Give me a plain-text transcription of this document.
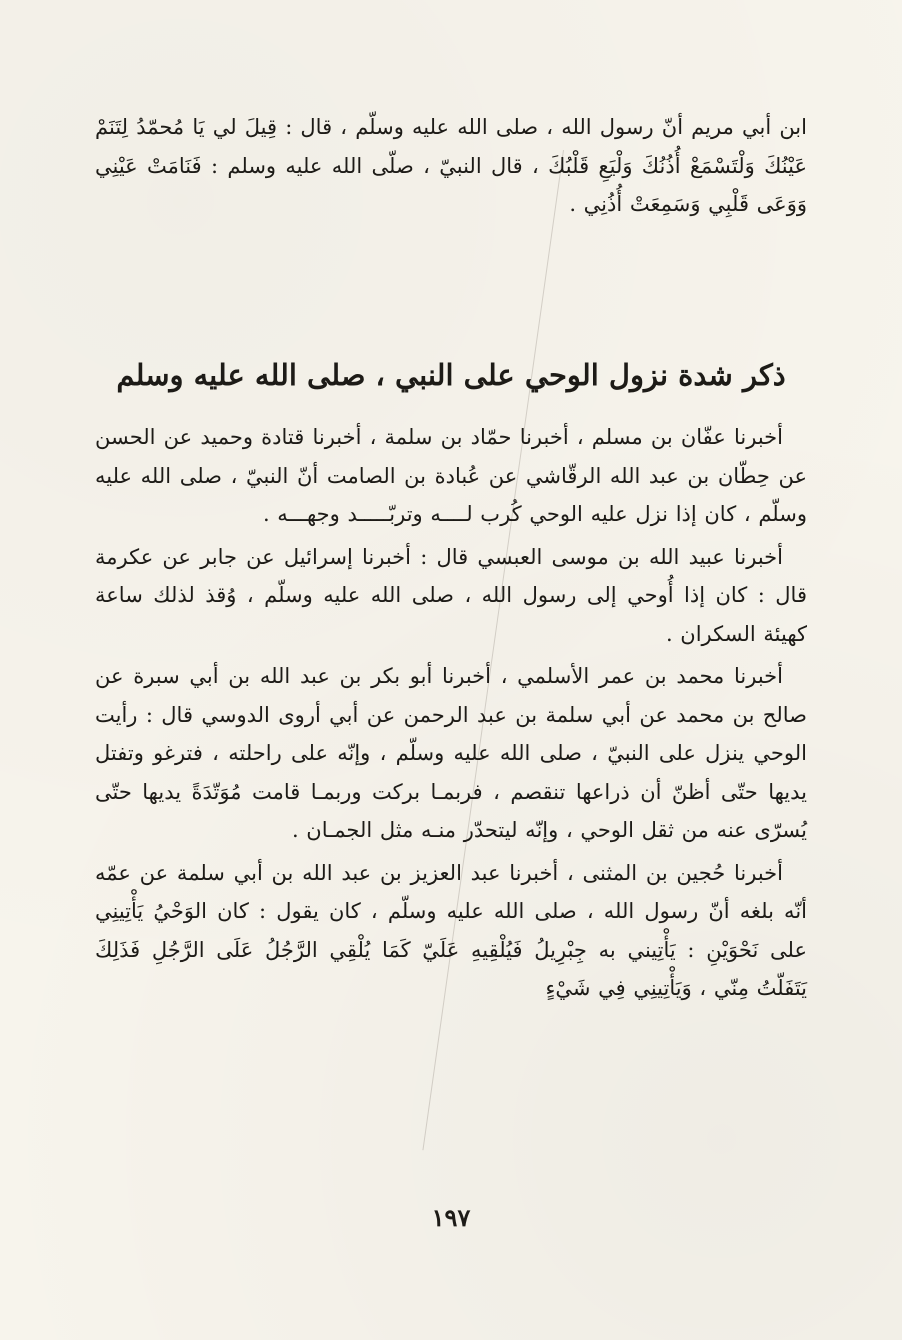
ابن أبي مريم أنّ رسول الله ، صلى الله عليه وسلّم ، قال : قِيلَ لي يَا مُحمّدُ لِتَنَمْ عَيْنُكَ وَلْتَسْمَعْ أُذُنُكَ وَلْيَعِ قَلْبُكَ ، قال النبيّ ، صلّى الله عليه وسلم : فَنَامَتْ عَيْنِي وَوَعَى قَلْبِي وَسَمِعَتْ أُذُنِي .

ذكر شدة نزول الوحي على النبي ، صلى الله عليه وسلم

أخبرنا عفّان بن مسلم ، أخبرنا حمّاد بن سلمة ، أخبرنا قتادة وحميد عن الحسن عن حِطّان بن عبد الله الرقّاشي عن عُبادة بن الصامت أنّ النبيّ ، صلى الله عليه وسلّم ، كان إذا نزل عليه الوحي كُرب لــــه وتربّـــــد وجهـــه .

أخبرنا عبيد الله بن موسى العبسي قال : أخبرنا إسرائيل عن جابر عن عكرمة قال : كان إذا أُوحي إلى رسول الله ، صلى الله عليه وسلّم ، وُقذ لذلك ساعة كهيئة السكران .

أخبرنا محمد بن عمر الأسلمي ، أخبرنا أبو بكر بن عبد الله بن أبي سبرة عن صالح بن محمد عن أبي سلمة بن عبد الرحمن عن أبي أروى الدوسي قال : رأيت الوحي ينزل على النبيّ ، صلى الله عليه وسلّم ، وإنّه على راحلته ، فترغو وتفتل يديها حتّى أظنّ أن ذراعها تنقصم ، فربمـا بركت وربمـا قامت مُوَتّدَةً يديها حتّى يُسرّى عنه من ثقل الوحي ، وإنّه ليتحدّر منـه مثل الجمـان .

أخبرنا حُجين بن المثنى ، أخبرنا عبد العزيز بن عبد الله بن أبي سلمة عن عمّه أنّه بلغه أنّ رسول الله ، صلى الله عليه وسلّم ، كان يقول : كان الوَحْيُ يَأْتِينِي على نَحْوَيْنِ : يَأْتِيني به جِبْرِيلُ فَيُلْقِيهِ عَلَيّ كَمَا يُلْقِي الرَّجُلُ عَلَى الرَّجُلِ فَذَلِكَ يَتَفَلّتُ مِنّي ، وَيَأْتِينِي فِي شَيْءٍ

١٩٧
